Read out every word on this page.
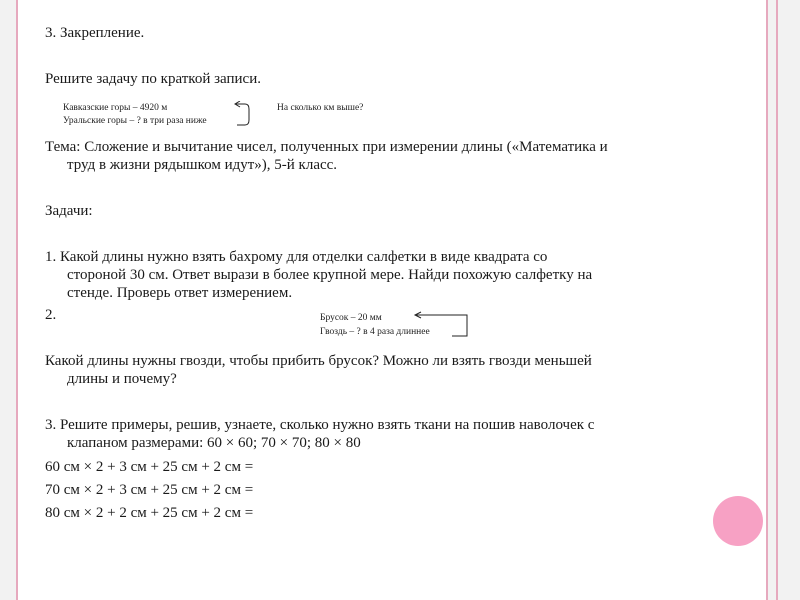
3. Закрепление.
Решите задачу по краткой записи.
Кавказские горы – 4920 м
Уральские горы – ? в три раза ниже
На сколько км выше?
Тема: Сложение и вычитание чисел, полученных при измерении длины («Математика и
труд в жизни рядышком идут»), 5-й класс.
Задачи:
1. Какой длины нужно взять бахрому для отделки салфетки в виде квадрата со
стороной 30 см. Ответ вырази в более крупной мере. Найди похожую салфетку на
стенде. Проверь ответ измерением.
2.	Брусок – 20 мм
Гвоздь – ? в 4 раза длиннее
Какой длины нужны гвозди, чтобы прибить брусок? Можно ли взять гвозди меньшей
длины и почему?
3. Решите примеры, решив, узнаете, сколько нужно взять ткани на пошив наволочек с
клапаном размерами: 60 × 60; 70 × 70; 80 × 80
60 см × 2 + 3 см + 25 см + 2 см =
70 см × 2 + 3 см + 25 см + 2 см =
80 см × 2 + 2 см + 25 см + 2 см =
